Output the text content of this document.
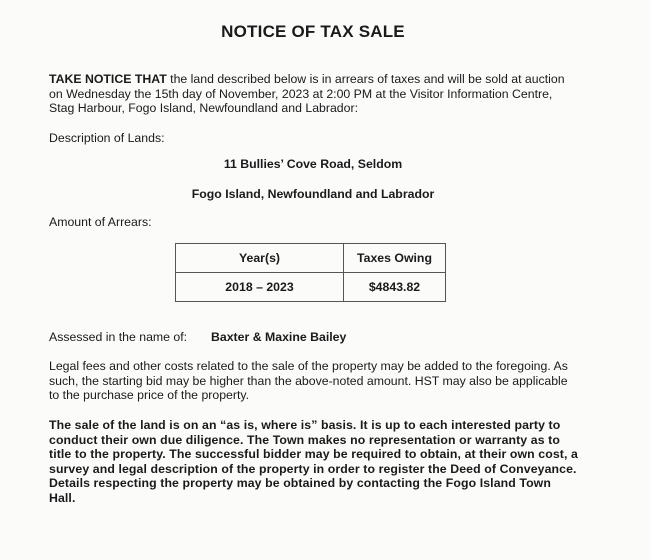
NOTICE OF TAX SALE
TAKE NOTICE THAT the land described below is in arrears of taxes and will be sold at auction on Wednesday the 15th day of November, 2023 at 2:00 PM at the Visitor Information Centre, Stag Harbour, Fogo Island, Newfoundland and Labrador:
Description of Lands:
11 Bullies’ Cove Road, Seldom
Fogo Island, Newfoundland and Labrador
Amount of Arrears:
Year(s)	Taxes Owing
2018 – 2023	$4843.82
Assessed in the name of: Baxter & Maxine Bailey
Legal fees and other costs related to the sale of the property may be added to the foregoing. As such, the starting bid may be higher than the above-noted amount. HST may also be applicable to the purchase price of the property.
The sale of the land is on an “as is, where is” basis. It is up to each interested party to conduct their own due diligence. The Town makes no representation or warranty as to title to the property. The successful bidder may be required to obtain, at their own cost, a survey and legal description of the property in order to register the Deed of Conveyance. Details respecting the property may be obtained by contacting the Fogo Island Town Hall.
